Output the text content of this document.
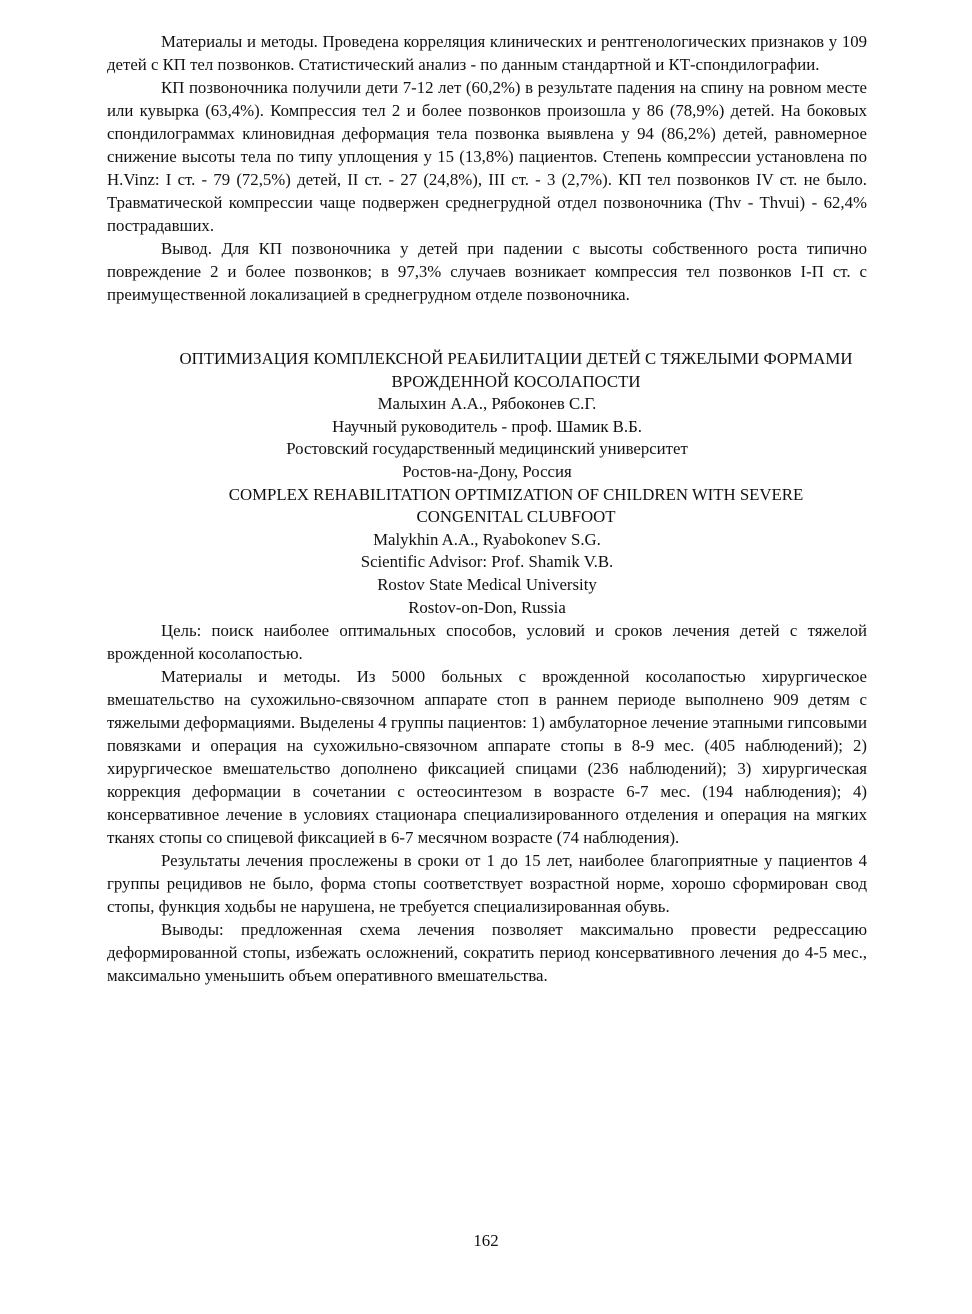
Материалы и методы. Проведена корреляция клинических и рентгенологических признаков у 109 детей с КП тел позвонков. Статистический анализ - по данным стандартной и КТ-спондилографии.

КП позвоночника получили дети 7-12 лет (60,2%) в результате падения на спину на ровном месте или кувырка (63,4%). Компрессия тел 2 и более позвонков произошла у 86 (78,9%) детей. На боковых спондилограммах клиновидная деформация тела позвонка выявлена у 94 (86,2%) детей, равномерное снижение высоты тела по типу уплощения у 15 (13,8%) пациентов. Степень компрессии установлена по H.Vinz: I ст. - 79 (72,5%) детей, II ст. - 27 (24,8%), III ст. - 3 (2,7%). КП тел позвонков IV ст. не было. Травматической компрессии чаще подвержен среднегрудной отдел позвоночника (Thv - Thvui) - 62,4% пострадавших.

Вывод. Для КП позвоночника у детей при падении с высоты собственного роста типично повреждение 2 и более позвонков; в 97,3% случаев возникает компрессия тел позвонков I-П ст. с преимущественной локализацией в среднегрудном отделе позвоночника.

ОПТИМИЗАЦИЯ КОМПЛЕКСНОЙ РЕАБИЛИТАЦИИ ДЕТЕЙ С ТЯЖЕЛЫМИ ФОРМАМИ ВРОЖДЕННОЙ КОСОЛАПОСТИ
Малыхин А.А., Рябоконев С.Г.
Научный руководитель - проф. Шамик В.Б.
Ростовский государственный медицинский университет
Ростов-на-Дону, Россия
COMPLEX REHABILITATION OPTIMIZATION OF CHILDREN WITH SEVERE CONGENITAL CLUBFOOT
Malykhin A.A., Ryabokonev S.G.
Scientific Advisor: Prof. Shamik V.B.
Rostov State Medical University
Rostov-on-Don, Russia

Цель: поиск наиболее оптимальных способов, условий и сроков лечения детей с тяжелой врожденной косолапостью.

Материалы и методы. Из 5000 больных с врожденной косолапостью хирургическое вмешательство на сухожильно-связочном аппарате стоп в раннем периоде выполнено 909 детям с тяжелыми деформациями. Выделены 4 группы пациентов: 1) амбулаторное лечение этапными гипсовыми повязками и операция на сухожильно-связочном аппарате стопы в 8-9 мес. (405 наблюдений); 2) хирургическое вмешательство дополнено фиксацией спицами (236 наблюдений); 3) хирургическая коррекция деформации в сочетании с остеосинтезом в возрасте 6-7 мес. (194 наблюдения); 4) консервативное лечение в условиях стационара специализированного отделения и операция на мягких тканях стопы со спицевой фиксацией в 6-7 месячном возрасте (74 наблюдения).

Результаты лечения прослежены в сроки от 1 до 15 лет, наиболее благоприятные у пациентов 4 группы рецидивов не было, форма стопы соответствует возрастной норме, хорошо сформирован свод стопы, функция ходьбы не нарушена, не требуется специализированная обувь.

Выводы: предложенная схема лечения позволяет максимально провести редрессацию деформированной стопы, избежать осложнений, сократить период консервативного лечения до 4-5 мес., максимально уменьшить объем оперативного вмешательства.

162
